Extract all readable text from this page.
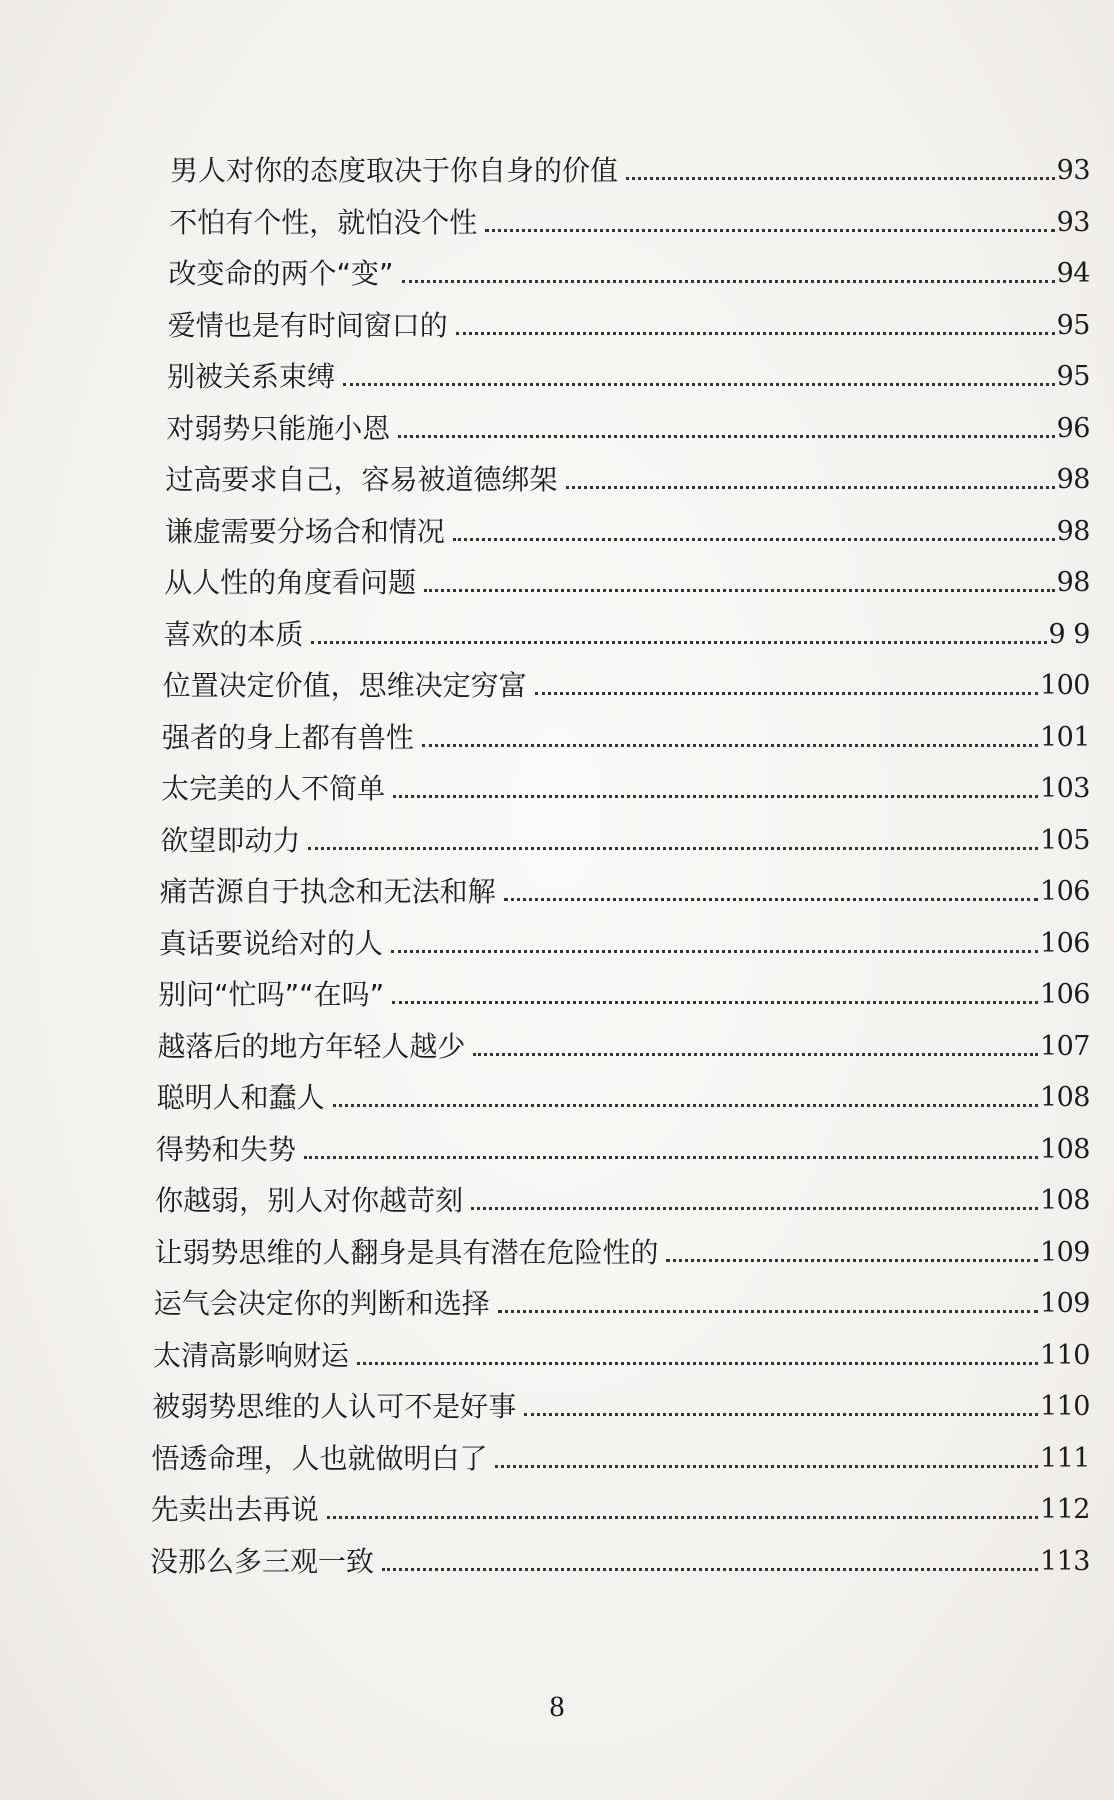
男人对你的态度取决于你自身的价值	93
不怕有个性，就怕没个性	93
改变命的两个“变”	94
爱情也是有时间窗口的	95
别被关系束缚	95
对弱势只能施小恩	96
过高要求自己，容易被道德绑架	98
谦虚需要分场合和情况	98
从人性的角度看问题	98
喜欢的本质	9 9
位置决定价值，思维决定穷富	100
强者的身上都有兽性	101
太完美的人不简单	103
欲望即动力	105
痛苦源自于执念和无法和解	106
真话要说给对的人	106
别问“忙吗”“在吗”	106
越落后的地方年轻人越少	107
聪明人和蠢人	108
得势和失势	108
你越弱，别人对你越苛刻	108
让弱势思维的人翻身是具有潜在危险性的	109
运气会决定你的判断和选择	109
太清高影响财运	110
被弱势思维的人认可不是好事	110
悟透命理，人也就做明白了	111
先卖出去再说	112
没那么多三观一致	113
8
